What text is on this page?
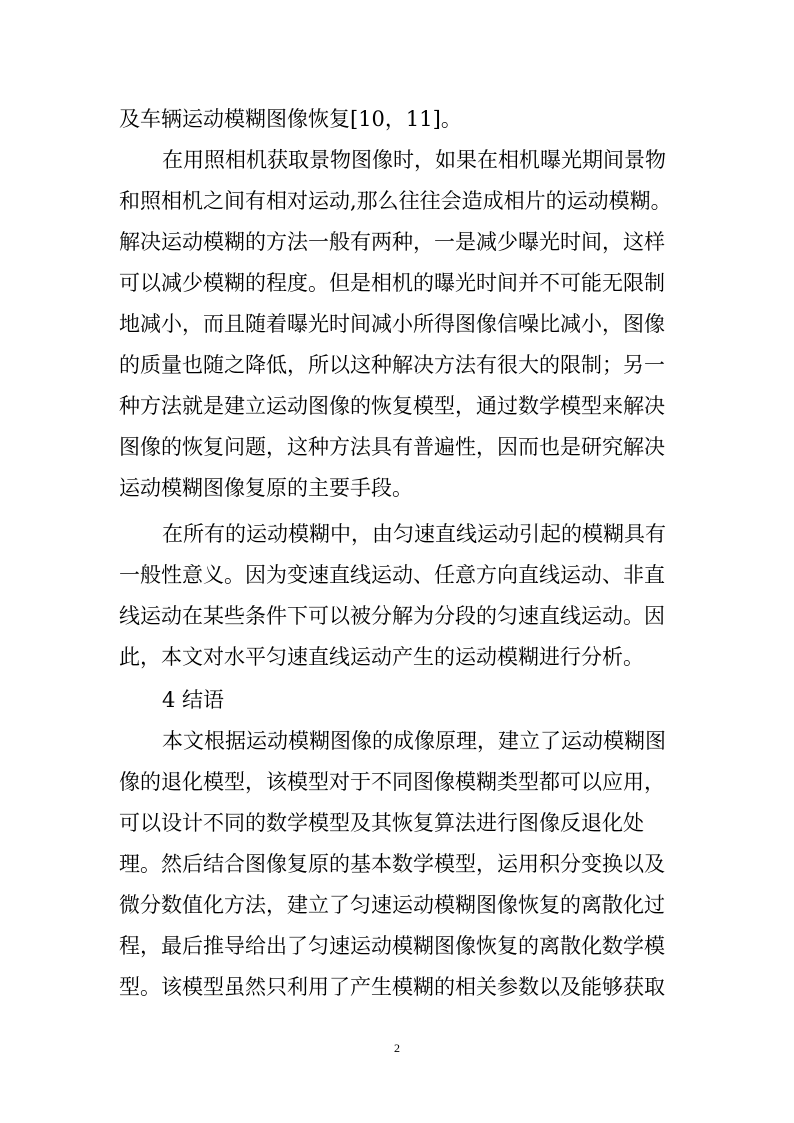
及车辆运动模糊图像恢复[10，11]。
在用照相机获取景物图像时，如果在相机曝光期间景物
和照相机之间有相对运动,那么往往会造成相片的运动模糊。
解决运动模糊的方法一般有两种，一是减少曝光时间，这样
可以减少模糊的程度。但是相机的曝光时间并不可能无限制
地减小，而且随着曝光时间减小所得图像信噪比减小，图像
的质量也随之降低，所以这种解决方法有很大的限制；另一
种方法就是建立运动图像的恢复模型，通过数学模型来解决
图像的恢复问题，这种方法具有普遍性，因而也是研究解决
运动模糊图像复原的主要手段。
在所有的运动模糊中，由匀速直线运动引起的模糊具有
一般性意义。因为变速直线运动、任意方向直线运动、非直
线运动在某些条件下可以被分解为分段的匀速直线运动。因
此，本文对水平匀速直线运动产生的运动模糊进行分析。
4 结语
本文根据运动模糊图像的成像原理，建立了运动模糊图
像的退化模型，该模型对于不同图像模糊类型都可以应用，
可以设计不同的数学模型及其恢复算法进行图像反退化处
理。然后结合图像复原的基本数学模型，运用积分变换以及
微分数值化方法，建立了匀速运动模糊图像恢复的离散化过
程，最后推导给出了匀速运动模糊图像恢复的离散化数学模
型。该模型虽然只利用了产生模糊的相关参数以及能够获取
2
